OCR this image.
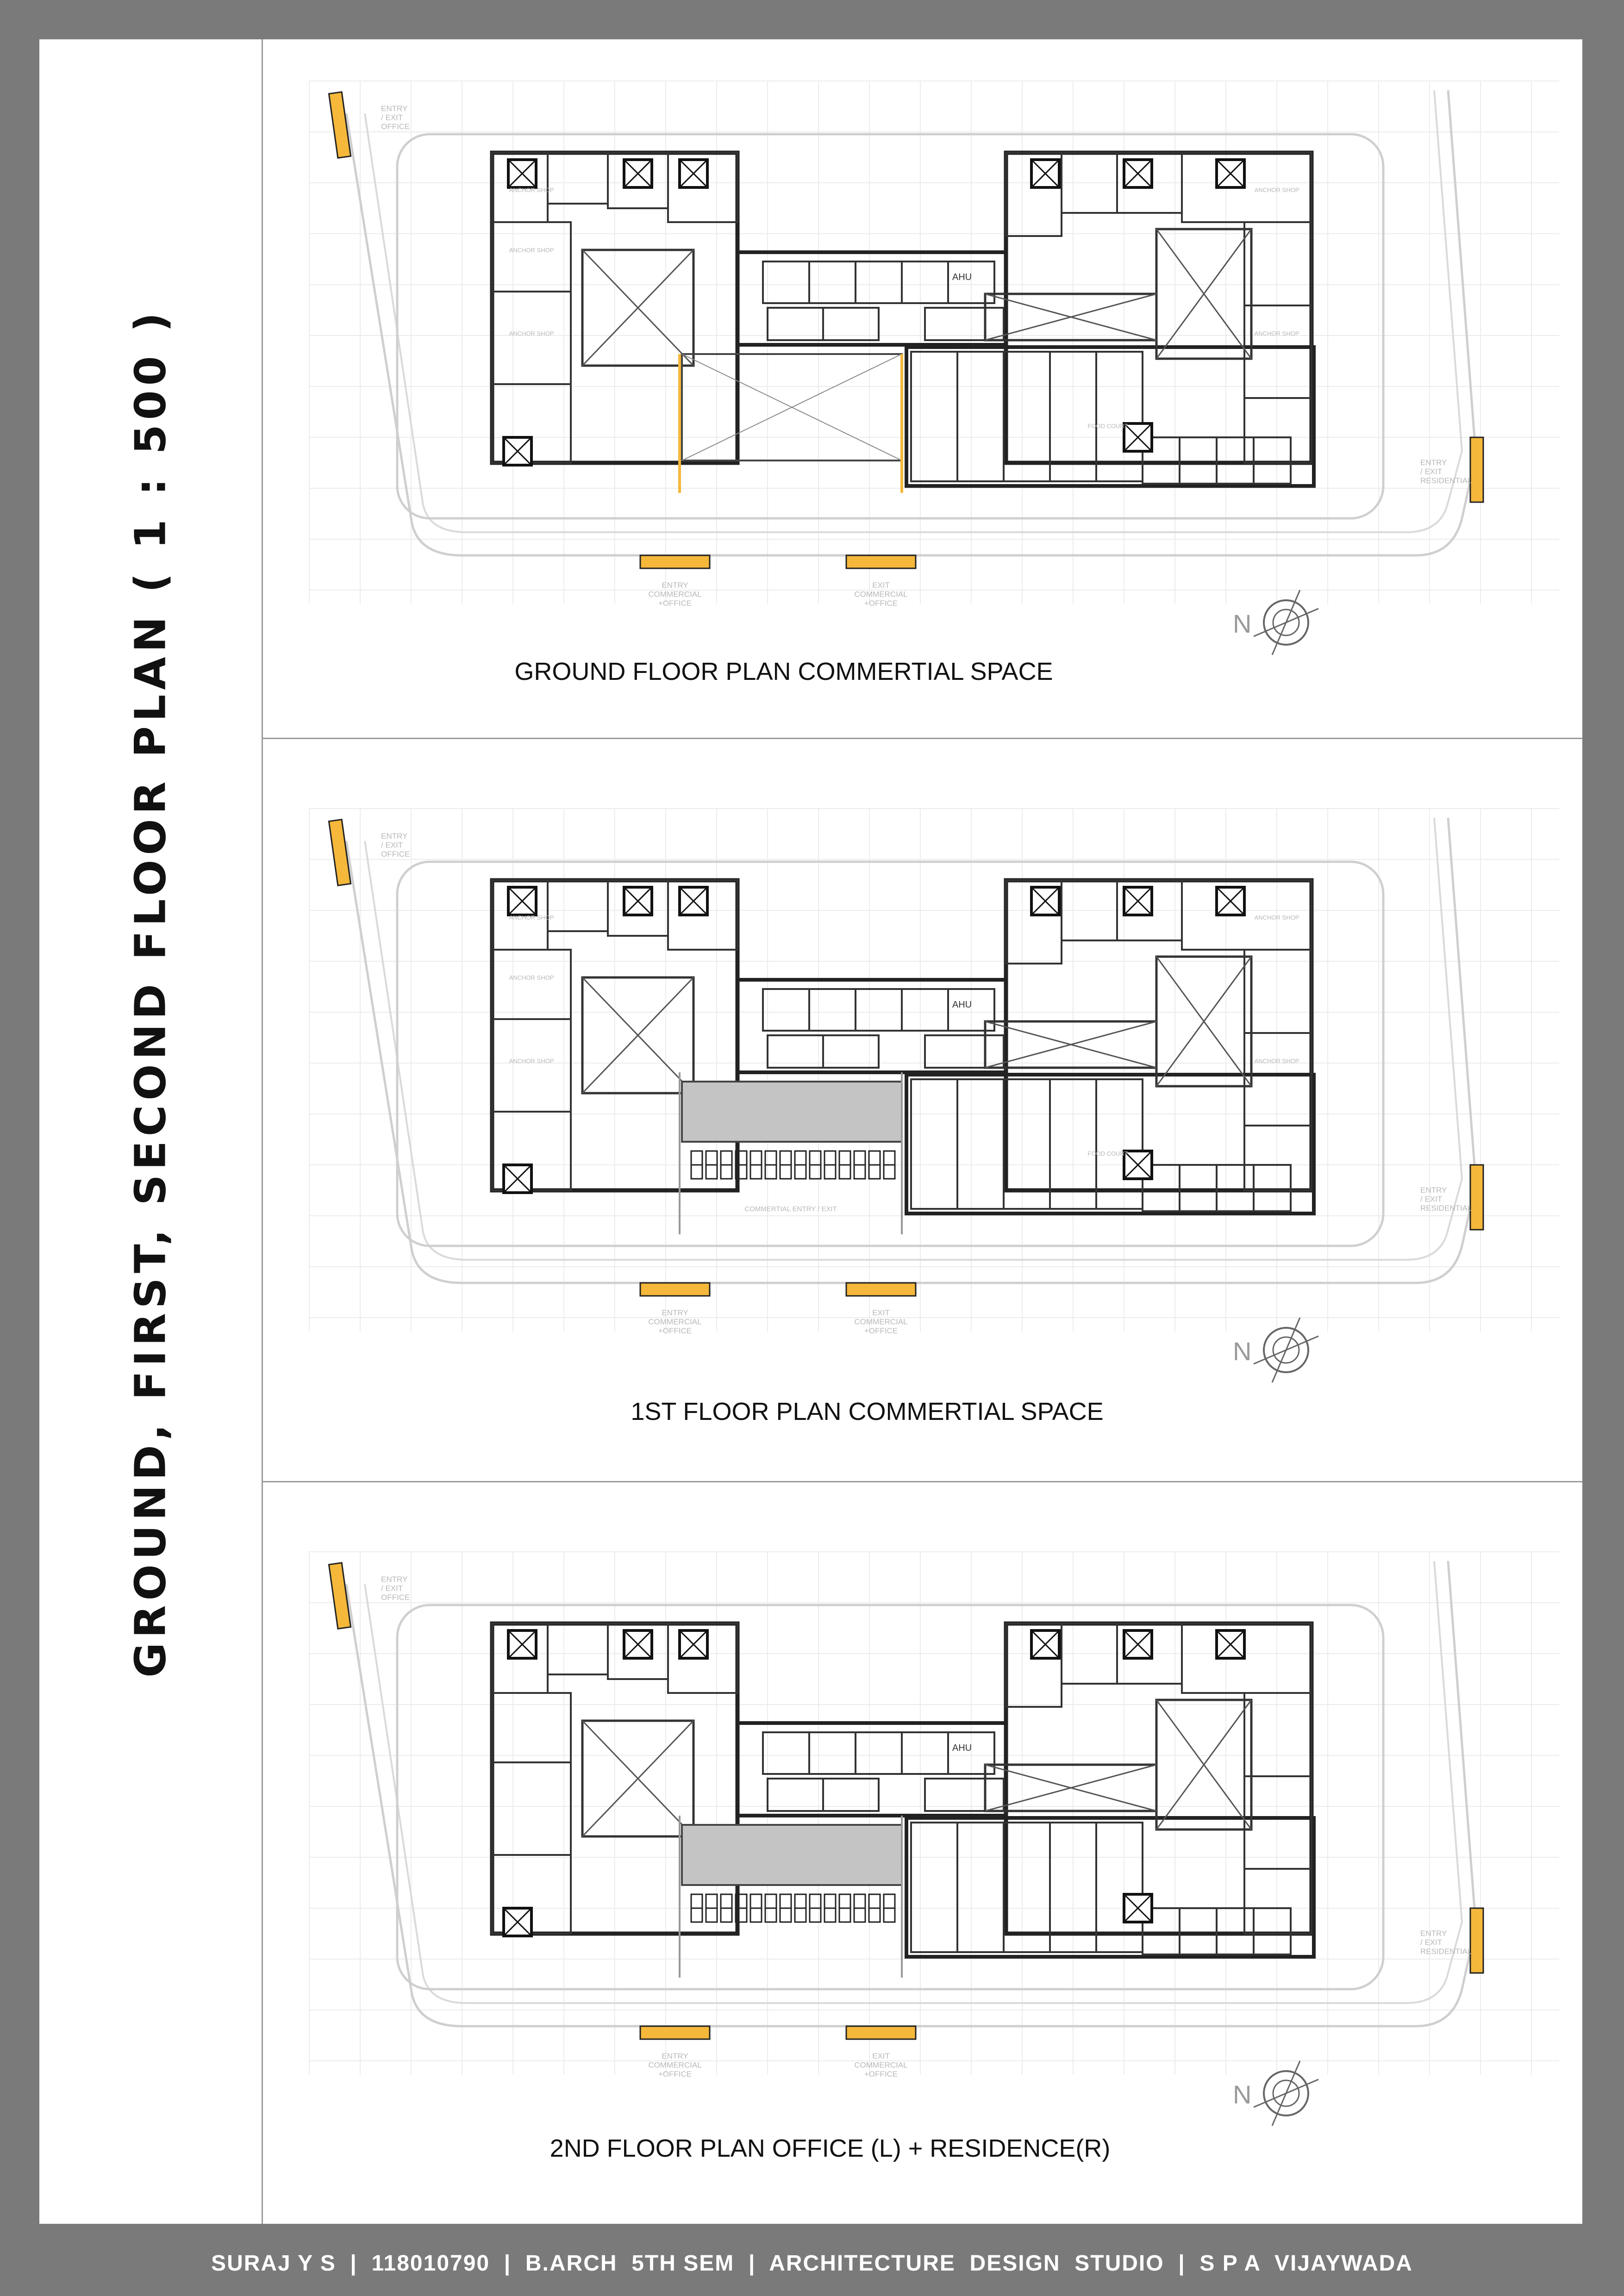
GROUND, FIRST, SECOND FLOOR PLAN ( 1 : 500 )
ENTRY
/ EXIT
OFFICE
ENTRY
/ EXIT
RESIDENTIAL
ENTRY
COMMERCIAL
+OFFICE
EXIT
COMMERCIAL
+OFFICE
AHU
ANCHOR SHOP
ANCHOR SHOP
ANCHOR SHOP
ANCHOR SHOP
ANCHOR SHOP
FOOD COURT
N
GROUND FLOOR PLAN COMMERTIAL SPACE
ENTRY
/ EXIT
OFFICE
ENTRY
/ EXIT
RESIDENTIAL
ENTRY
COMMERCIAL
+OFFICE
EXIT
COMMERCIAL
+OFFICE
AHU
ANCHOR SHOP
ANCHOR SHOP
ANCHOR SHOP
ANCHOR SHOP
ANCHOR SHOP
FOOD COURT
COMMERTIAL ENTRY / EXIT
N
1ST FLOOR PLAN COMMERTIAL SPACE
ENTRY
/ EXIT
OFFICE
ENTRY
/ EXIT
RESIDENTIAL
ENTRY
COMMERCIAL
+OFFICE
EXIT
COMMERCIAL
+OFFICE
AHU
N
2ND FLOOR PLAN OFFICE (L) + RESIDENCE(R)
SURAJ Y S  |  118010790  |  B.ARCH  5TH SEM  |  ARCHITECTURE  DESIGN  STUDIO  |  S P A  VIJAYWADA
